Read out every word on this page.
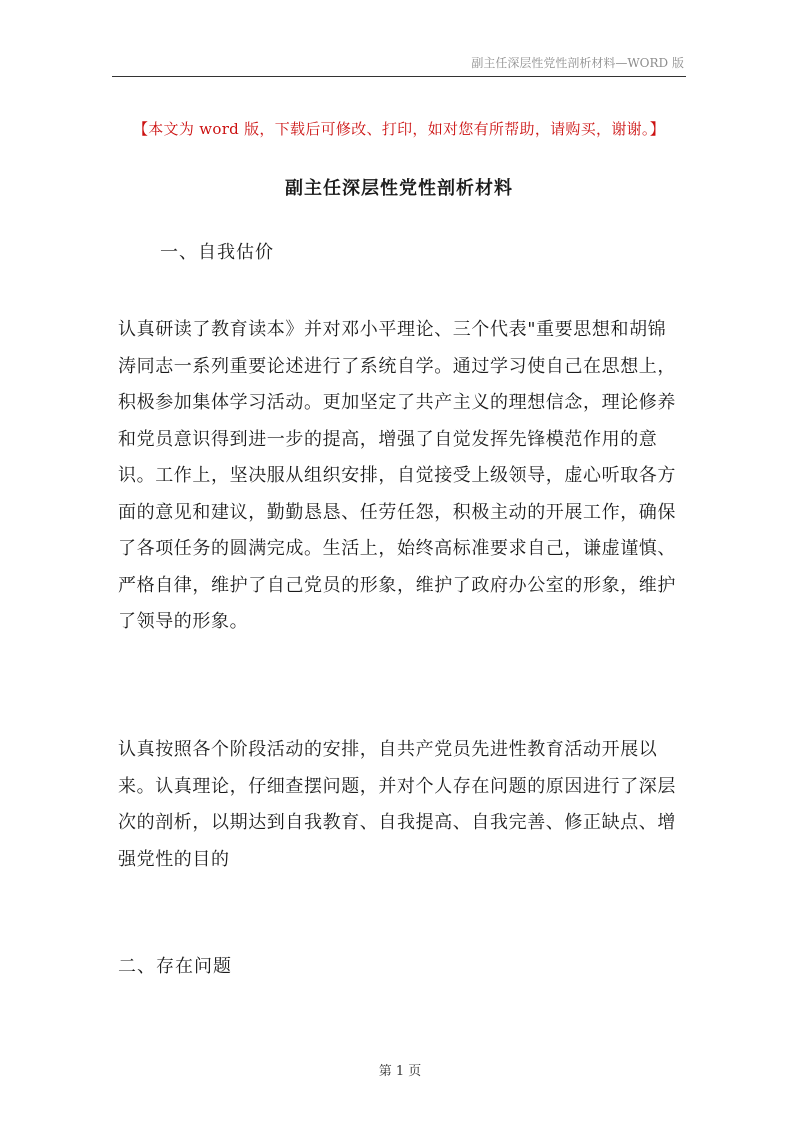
副主任深层性党性剖析材料—WORD 版
【本文为 word 版，下载后可修改、打印，如对您有所帮助，请购买，谢谢。】
副主任深层性党性剖析材料
一、自我估价
认真研读了教育读本》并对邓小平理论、三个代表"重要思想和胡锦
涛同志一系列重要论述进行了系统自学。通过学习使自己在思想上，
积极参加集体学习活动。更加坚定了共产主义的理想信念，理论修养
和党员意识得到进一步的提高，增强了自觉发挥先锋模范作用的意
识。工作上，坚决服从组织安排，自觉接受上级领导，虚心听取各方
面的意见和建议，勤勤恳恳、任劳任怨，积极主动的开展工作，确保
了各项任务的圆满完成。生活上，始终高标准要求自己，谦虚谨慎、
严格自律，维护了自己党员的形象，维护了政府办公室的形象，维护
了领导的形象。
认真按照各个阶段活动的安排，自共产党员先进性教育活动开展以
来。认真理论，仔细查摆问题，并对个人存在问题的原因进行了深层
次的剖析，以期达到自我教育、自我提高、自我完善、修正缺点、增
强党性的目的
二、存在问题
第 1 页
